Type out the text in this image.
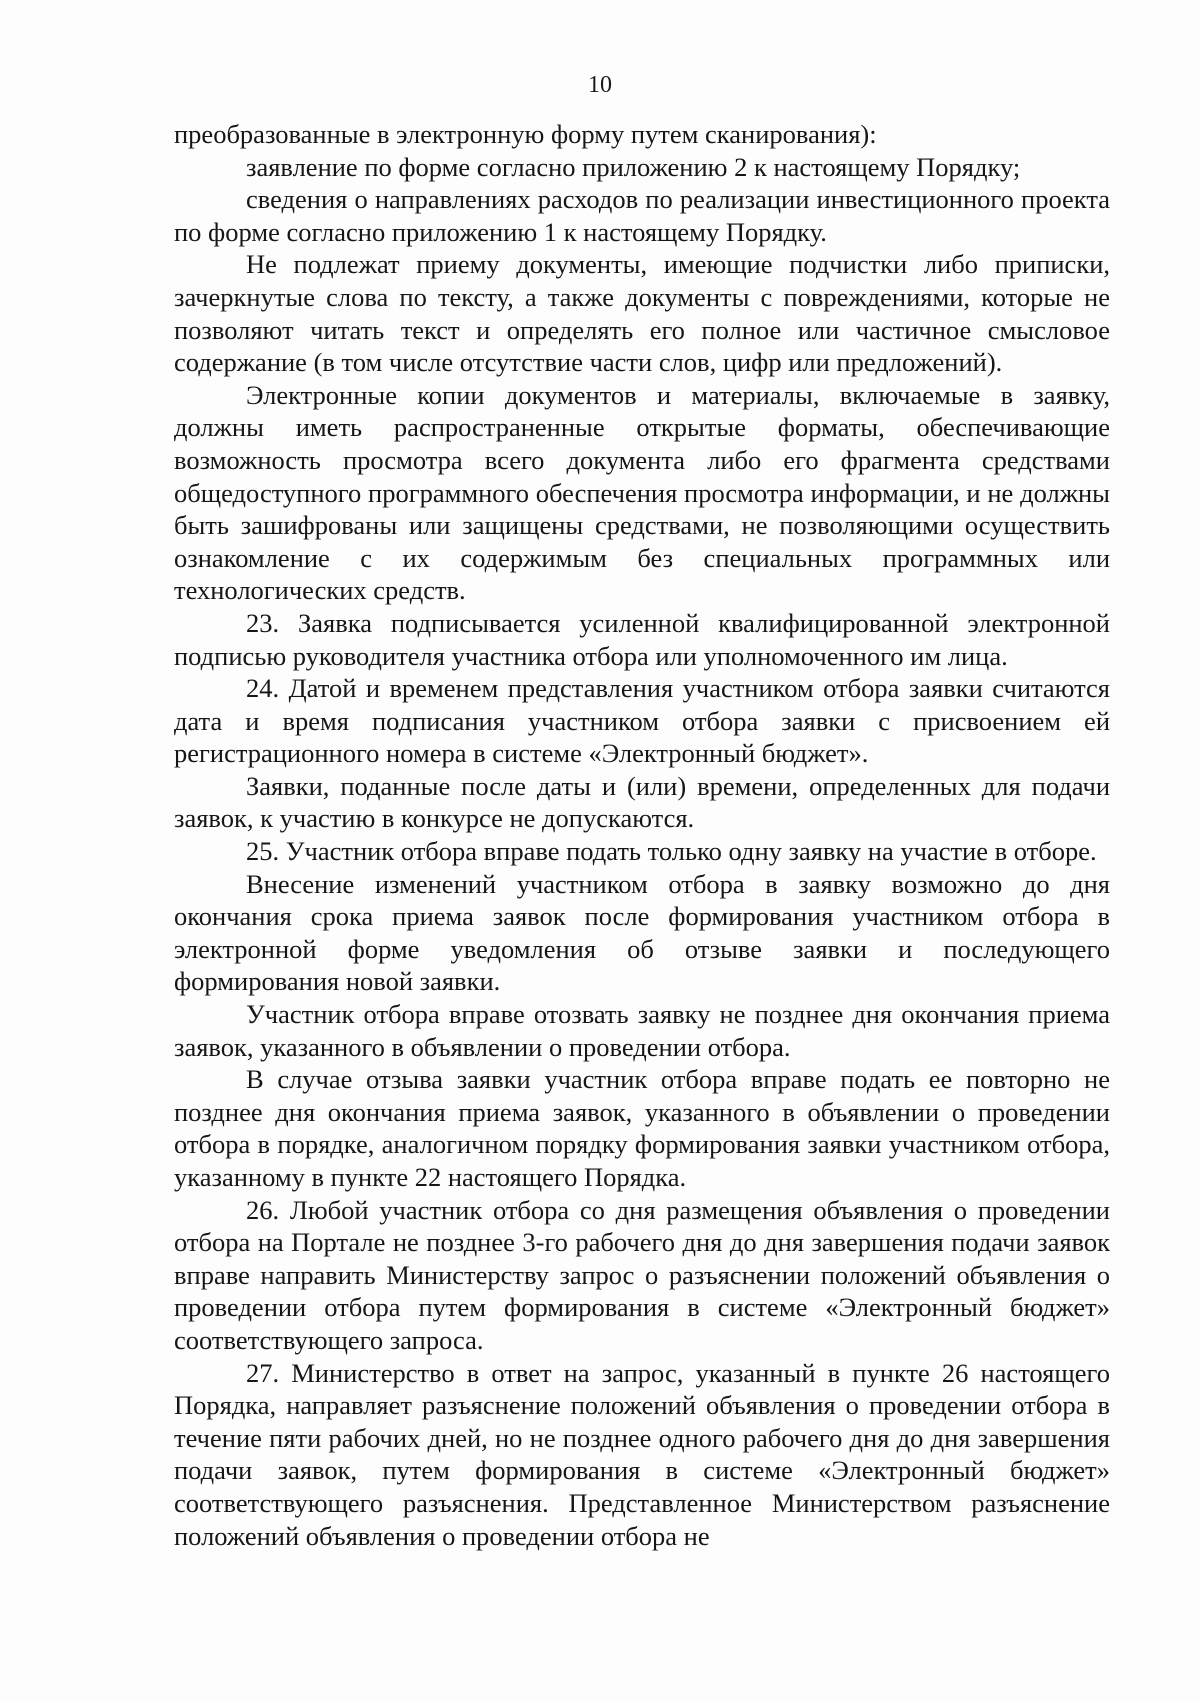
10

преобразованные в электронную форму путем сканирования):

заявление по форме согласно приложению 2 к настоящему Порядку;

сведения о направлениях расходов по реализации инвестиционного проекта по форме согласно приложению 1 к настоящему Порядку.

Не подлежат приему документы, имеющие подчистки либо приписки, зачеркнутые слова по тексту, а также документы с повреждениями, которые не позволяют читать текст и определять его полное или частичное смысловое содержание (в том числе отсутствие части слов, цифр или предложений).

Электронные копии документов и материалы, включаемые в заявку, должны иметь распространенные открытые форматы, обеспечивающие возможность просмотра всего документа либо его фрагмента средствами общедоступного программного обеспечения просмотра информации, и не должны быть зашифрованы или защищены средствами, не позволяющими осуществить ознакомление с их содержимым без специальных программных или технологических средств.

23. Заявка подписывается усиленной квалифицированной электронной подписью руководителя участника отбора или уполномоченного им лица.

24. Датой и временем представления участником отбора заявки считаются дата и время подписания участником отбора заявки с присвоением ей регистрационного номера в системе «Электронный бюджет».

Заявки, поданные после даты и (или) времени, определенных для подачи заявок, к участию в конкурсе не допускаются.

25. Участник отбора вправе подать только одну заявку на участие в отборе.

Внесение изменений участником отбора в заявку возможно до дня окончания срока приема заявок после формирования участником отбора в электронной форме уведомления об отзыве заявки и последующего формирования новой заявки.

Участник отбора вправе отозвать заявку не позднее дня окончания приема заявок, указанного в объявлении о проведении отбора.

В случае отзыва заявки участник отбора вправе подать ее повторно не позднее дня окончания приема заявок, указанного в объявлении о проведении отбора в порядке, аналогичном порядку формирования заявки участником отбора, указанному в пункте 22 настоящего Порядка.

26. Любой участник отбора со дня размещения объявления о проведении отбора на Портале не позднее 3-го рабочего дня до дня завершения подачи заявок вправе направить Министерству запрос о разъяснении положений объявления о проведении отбора путем формирования в системе «Электронный бюджет» соответствующего запроса.

27. Министерство в ответ на запрос, указанный в пункте 26 настоящего Порядка, направляет разъяснение положений объявления о проведении отбора в течение пяти рабочих дней, но не позднее одного рабочего дня до дня завершения подачи заявок, путем формирования в системе «Электронный бюджет» соответствующего разъяснения. Представленное Министерством разъяснение положений объявления о проведении отбора не
